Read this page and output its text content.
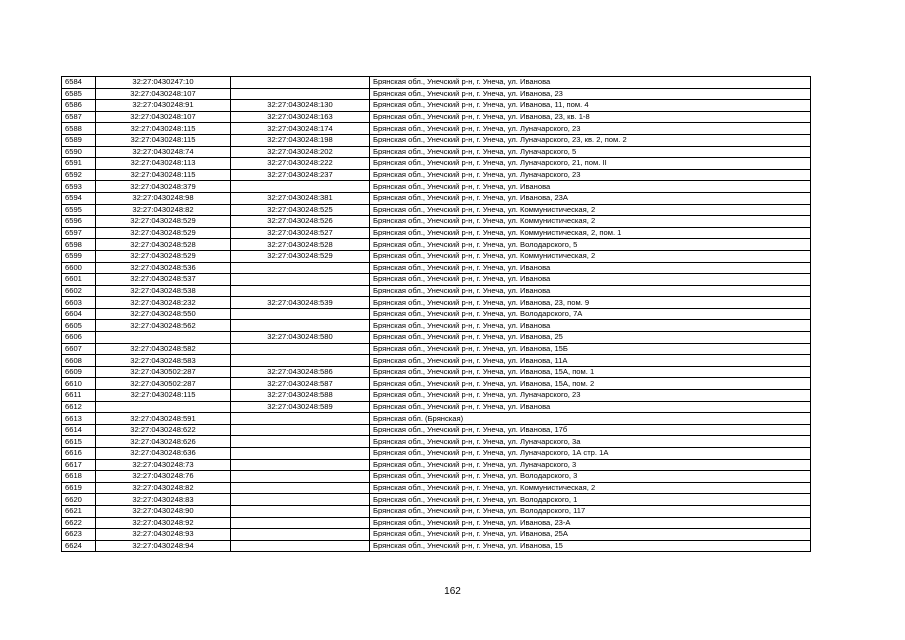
6584	32:27:0430247:10		Брянская обл., Унечский р-н, г. Унеча, ул. Иванова
6585	32:27:0430248:107		Брянская обл., Унечский р-н, г. Унеча, ул. Иванова, 23
6586	32:27:0430248:91	32:27:0430248:130	Брянская обл., Унечский р-н, г. Унеча, ул. Иванова, 11, пом. 4
6587	32:27:0430248:107	32:27:0430248:163	Брянская обл., Унечский р-н, г. Унеча, ул. Иванова, 23, кв. 1-8
6588	32:27:0430248:115	32:27:0430248:174	Брянская обл., Унечский р-н, г. Унеча, ул. Луначарского, 23
6589	32:27:0430248:115	32:27:0430248:198	Брянская обл., Унечский р-н, г. Унеча, ул. Луначарского, 23, кв. 2, пом. 2
6590	32:27:0430248:74	32:27:0430248:202	Брянская обл., Унечский р-н, г. Унеча, ул. Луначарского, 5
6591	32:27:0430248:113	32:27:0430248:222	Брянская обл., Унечский р-н, г. Унеча, ул. Луначарского, 21, пом. II
6592	32:27:0430248:115	32:27:0430248:237	Брянская обл., Унечский р-н, г. Унеча, ул. Луначарского, 23
6593	32:27:0430248:379		Брянская обл., Унечский р-н, г. Унеча, ул. Иванова
6594	32:27:0430248:98	32:27:0430248:381	Брянская обл., Унечский р-н, г. Унеча, ул. Иванова, 23А
6595	32:27:0430248:82	32:27:0430248:525	Брянская обл., Унечский р-н, г. Унеча, ул. Коммунистическая, 2
6596	32:27:0430248:529	32:27:0430248:526	Брянская обл., Унечский р-н, г. Унеча, ул. Коммунистическая, 2
6597	32:27:0430248:529	32:27:0430248:527	Брянская обл., Унечский р-н, г. Унеча, ул. Коммунистическая, 2, пом. 1
6598	32:27:0430248:528	32:27:0430248:528	Брянская обл., Унечский р-н, г. Унеча, ул. Володарского, 5
6599	32:27:0430248:529	32:27:0430248:529	Брянская обл., Унечский р-н, г. Унеча, ул. Коммунистическая, 2
6600	32:27:0430248:536		Брянская обл., Унечский р-н, г. Унеча, ул. Иванова
6601	32:27:0430248:537		Брянская обл., Унечский р-н, г. Унеча, ул. Иванова
6602	32:27:0430248:538		Брянская обл., Унечский р-н, г. Унеча, ул. Иванова
6603	32:27:0430248:232	32:27:0430248:539	Брянская обл., Унечский р-н, г. Унеча, ул. Иванова, 23, пом. 9
6604	32:27:0430248:550		Брянская обл., Унечский р-н, г. Унеча, ул. Володарского, 7А
6605	32:27:0430248:562		Брянская обл., Унечский р-н, г. Унеча, ул. Иванова
6606		32:27:0430248:580	Брянская обл., Унечский р-н, г. Унеча, ул. Иванова, 25
6607	32:27:0430248:582		Брянская обл., Унечский р-н, г. Унеча, ул. Иванова, 15Б
6608	32:27:0430248:583		Брянская обл., Унечский р-н, г. Унеча, ул. Иванова, 11А
6609	32:27:0430502:287	32:27:0430248:586	Брянская обл., Унечский р-н, г. Унеча, ул. Иванова, 15А, пом. 1
6610	32:27:0430502:287	32:27:0430248:587	Брянская обл., Унечский р-н, г. Унеча, ул. Иванова, 15А, пом. 2
6611	32:27:0430248:115	32:27:0430248:588	Брянская обл., Унечский р-н, г. Унеча, ул. Луначарского, 23
6612		32:27:0430248:589	Брянская обл., Унечский р-н, г. Унеча, ул. Иванова
6613	32:27:0430248:591		Брянская обл. (Брянская)
6614	32:27:0430248:622		Брянская обл., Унечский р-н, г. Унеча, ул. Иванова, 17б
6615	32:27:0430248:626		Брянская обл., Унечский р-н, г. Унеча, ул. Луначарского, 3а
6616	32:27:0430248:636		Брянская обл., Унечский р-н, г. Унеча, ул. Луначарского, 1А стр. 1А
6617	32:27:0430248:73		Брянская обл., Унечский р-н, г. Унеча, ул. Луначарского, 3
6618	32:27:0430248:76		Брянская обл., Унечский р-н, г. Унеча, ул. Володарского, 3
6619	32:27:0430248:82		Брянская обл., Унечский р-н, г. Унеча, ул. Коммунистическая, 2
6620	32:27:0430248:83		Брянская обл., Унечский р-н, г. Унеча, ул. Володарского, 1
6621	32:27:0430248:90		Брянская обл., Унечский р-н, г. Унеча, ул. Володарского, 117
6622	32:27:0430248:92		Брянская обл., Унечский р-н, г. Унеча, ул. Иванова, 23-А
6623	32:27:0430248:93		Брянская обл., Унечский р-н, г. Унеча, ул. Иванова, 25А
6624	32:27:0430248:94		Брянская обл., Унечский р-н, г. Унеча, ул. Иванова, 15
162
